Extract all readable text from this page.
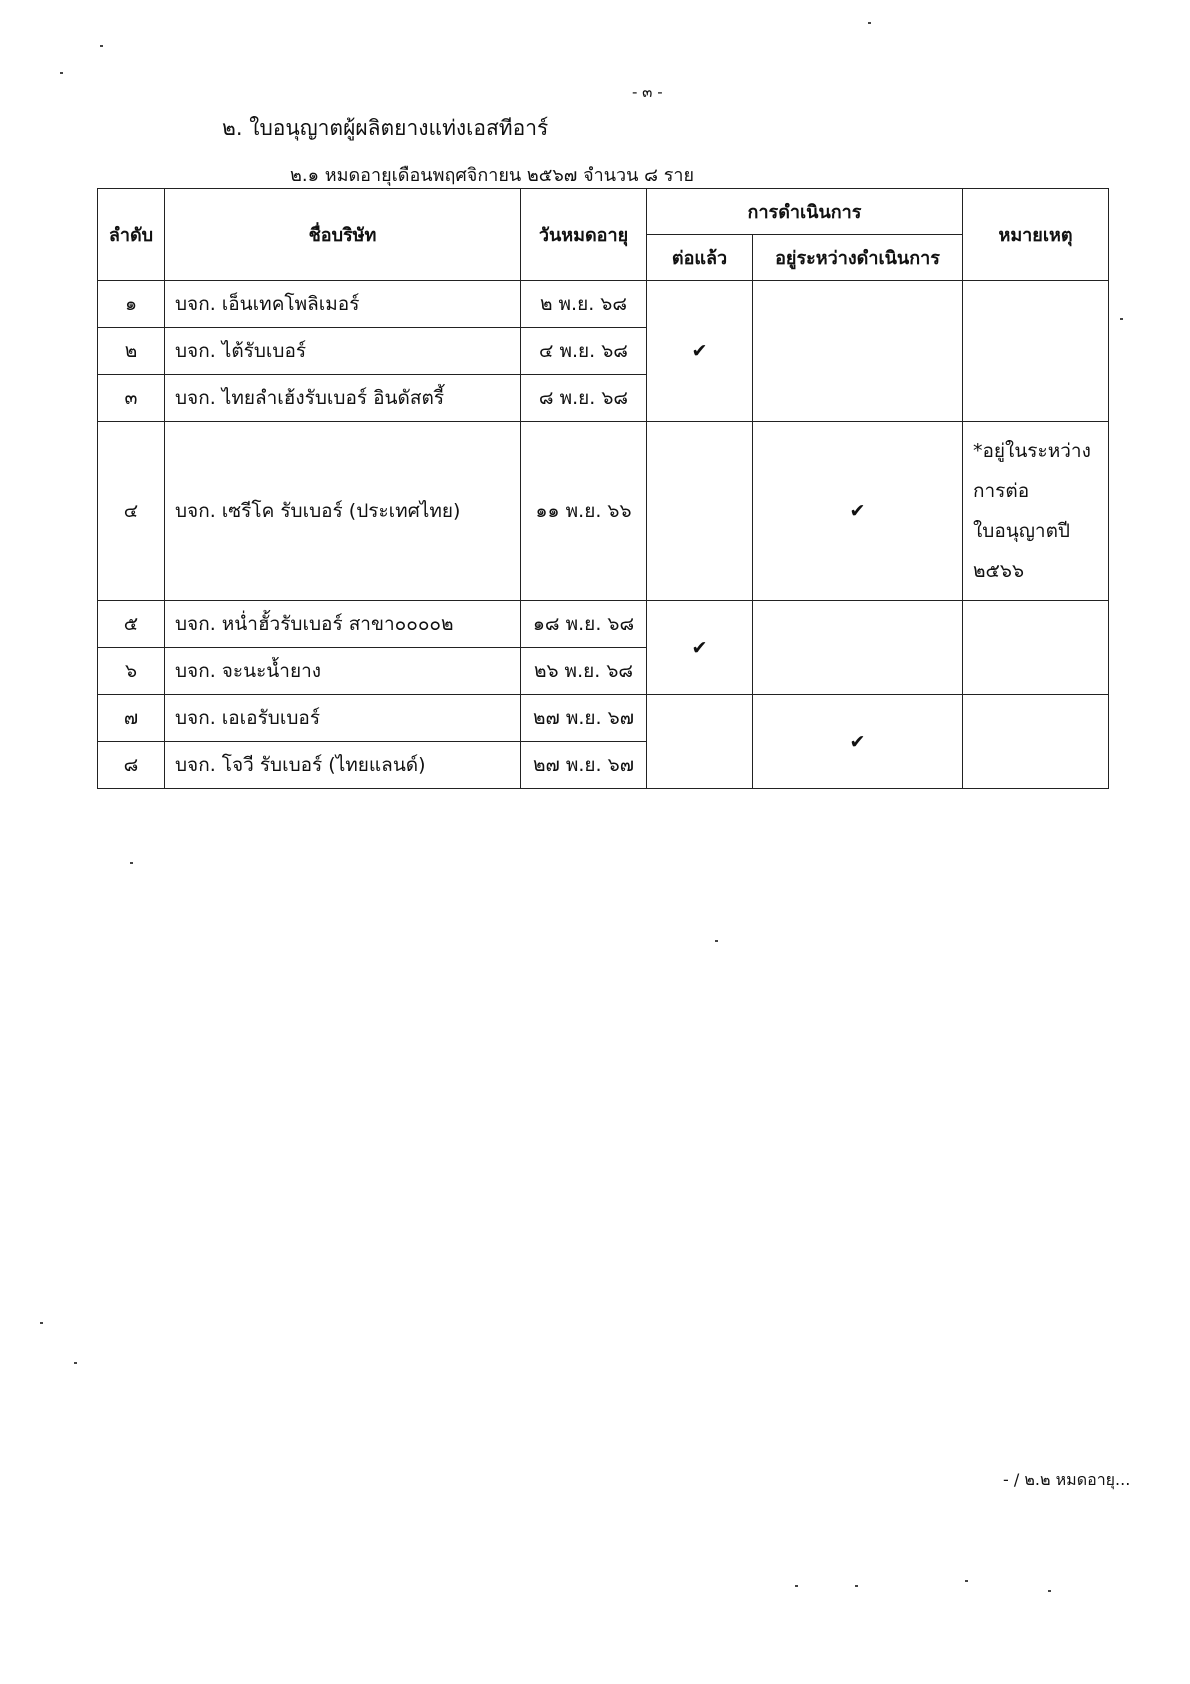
- ๓ -
๒. ใบอนุญาตผู้ผลิตยางแท่งเอสทีอาร์
๒.๑ หมดอายุเดือนพฤศจิกายน ๒๕๖๗ จำนวน ๘ ราย
ลำดับ	ชื่อบริษัท	วันหมดอายุ	การดำเนินการ		หมายเหตุ
			ต่อแล้ว	อยู่ระหว่างดำเนินการ	
๑	บจก. เอ็นเทคโพลิเมอร์	๒ พ.ย. ๖๘	✔		
๒	บจก. ไต้รับเบอร์	๔ พ.ย. ๖๘			
๓	บจก. ไทยลำเฮ้งรับเบอร์ อินดัสตรี้	๘ พ.ย. ๖๘			
๔	บจก. เซรีโค รับเบอร์ (ประเทศไทย)	๑๑ พ.ย. ๖๖		✔	*อยู่ในระหว่าง
การต่อ
ใบอนุญาตปี
๒๕๖๖

๕	บจก. หน่ำฮั้วรับเบอร์ สาขา๐๐๐๐๒	๑๘ พ.ย. ๖๘	✔		
๖	บจก. จะนะน้ำยาง	๒๖ พ.ย. ๖๘			
๗	บจก. เอเอรับเบอร์	๒๗ พ.ย. ๖๗		✔	
๘	บจก. โจวี รับเบอร์ (ไทยแลนด์)	๒๗ พ.ย. ๖๗			
- / ๒.๒ หมดอายุ...
